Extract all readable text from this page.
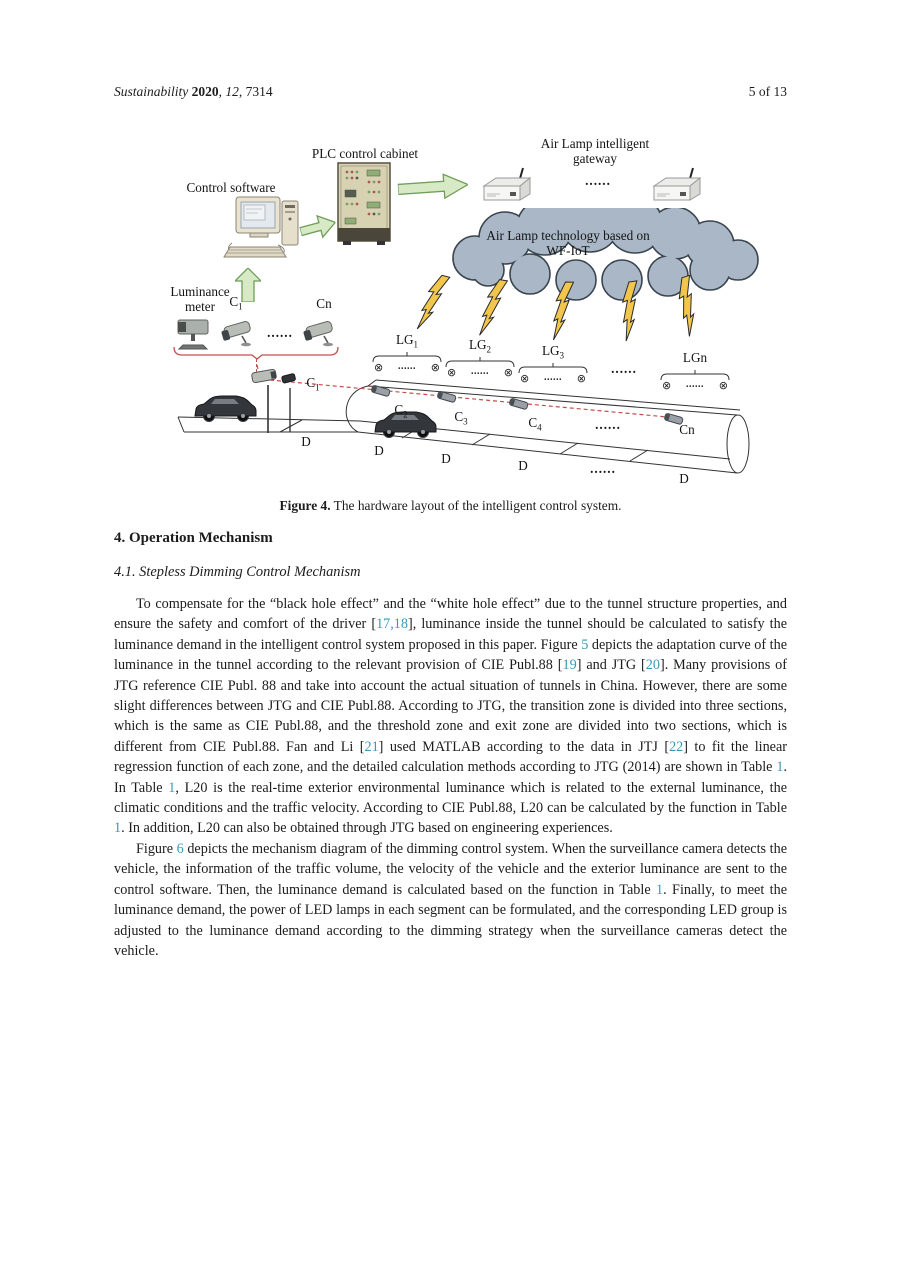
Sustainability 2020, 12, 7314	5 of 13
PLC control cabinet
Air Lamp intelligent
gateway
Control software	......
Air Lamp technology based on
WF-IoT
Luminance
meter	$C_1$	Cn
......
$C_1$
$C_2$	$C_3$	$C_4$	......	Cn
D
D
D	D	......
D
$LG_1$
⊗ ...... ⊗
$LG_2$
⊗ ...... ⊗
$LG_3$
⊗ ...... ⊗
......
LGn
⊗ ...... ⊗

Figure 4. The hardware layout of the intelligent control system.

4. Operation Mechanism
4.1. Stepless Dimming Control Mechanism

To compensate for the “black hole effect” and the “white hole effect” due to the tunnel structure properties, and ensure the safety and comfort of the driver [17,18], luminance inside the tunnel should be calculated to satisfy the luminance demand in the intelligent control system proposed in this paper. Figure 5 depicts the adaptation curve of the luminance in the tunnel according to the relevant provision of CIE Publ.88 [19] and JTG [20]. Many provisions of JTG reference CIE Publ. 88 and take into account the actual situation of tunnels in China. However, there are some slight differences between JTG and CIE Publ.88. According to JTG, the transition zone is divided into three sections, which is the same as CIE Publ.88, and the threshold zone and exit zone are divided into two sections, which is different from CIE Publ.88. Fan and Li [21] used MATLAB according to the data in JTJ [22] to fit the linear regression function of each zone, and the detailed calculation methods according to JTG (2014) are shown in Table 1. In Table 1, L20 is the real-time exterior environmental luminance which is related to the external luminance, the climatic conditions and the traffic velocity. According to CIE Publ.88, L20 can be calculated by the function in Table 1. In addition, L20 can also be obtained through JTG based on engineering experiences.

Figure 6 depicts the mechanism diagram of the dimming control system. When the surveillance camera detects the vehicle, the information of the traffic volume, the velocity of the vehicle and the exterior luminance are sent to the control software. Then, the luminance demand is calculated based on the function in Table 1. Finally, to meet the luminance demand, the power of LED lamps in each segment can be formulated, and the corresponding LED group is adjusted to the luminance demand according to the dimming strategy when the surveillance cameras detect the vehicle.
